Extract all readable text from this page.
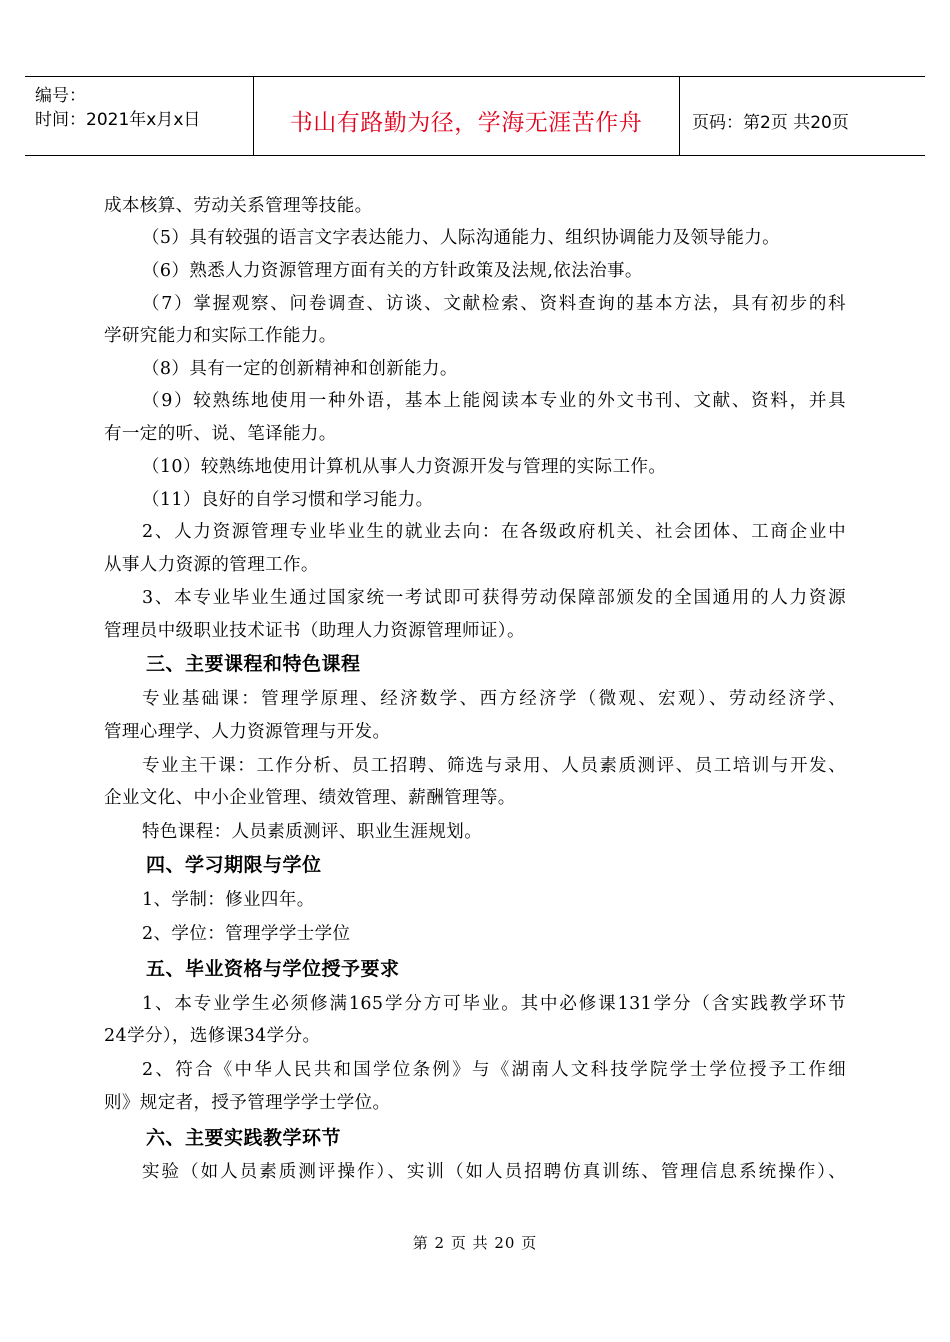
编号：
时间：2021年x月x日	书山有路勤为径，学海无涯苦作舟	页码：第2页 共20页
成本核算、劳动关系管理等技能。
（5）具有较强的语言文字表达能力、人际沟通能力、组织协调能力及领导能力。
（6）熟悉人力资源管理方面有关的方针政策及法规,依法治事。
（7）掌握观察、问卷调查、访谈、文献检索、资料查询的基本方法，具有初步的科
学研究能力和实际工作能力。
（8）具有一定的创新精神和创新能力。
（9）较熟练地使用一种外语，基本上能阅读本专业的外文书刊、文献、资料，并具
有一定的听、说、笔译能力。
（10）较熟练地使用计算机从事人力资源开发与管理的实际工作。
（11）良好的自学习惯和学习能力。
2、人力资源管理专业毕业生的就业去向：在各级政府机关、社会团体、工商企业中
从事人力资源的管理工作。
3、本专业毕业生通过国家统一考试即可获得劳动保障部颁发的全国通用的人力资源
管理员中级职业技术证书（助理人力资源管理师证）。
三、主要课程和特色课程
专业基础课：管理学原理、经济数学、西方经济学（微观、宏观）、劳动经济学、
管理心理学、人力资源管理与开发。
专业主干课：工作分析、员工招聘、筛选与录用、人员素质测评、员工培训与开发、
企业文化、中小企业管理、绩效管理、薪酬管理等。
特色课程：人员素质测评、职业生涯规划。
四、学习期限与学位
1、学制：修业四年。
2、学位：管理学学士学位
五、毕业资格与学位授予要求
1、本专业学生必须修满165学分方可毕业。其中必修课131学分（含实践教学环节
24学分），选修课34学分。
2、符合《中华人民共和国学位条例》与《湖南人文科技学院学士学位授予工作细
则》规定者，授予管理学学士学位。
六、主要实践教学环节
实验（如人员素质测评操作）、实训（如人员招聘仿真训练、管理信息系统操作）、
第 2 页 共 20 页
